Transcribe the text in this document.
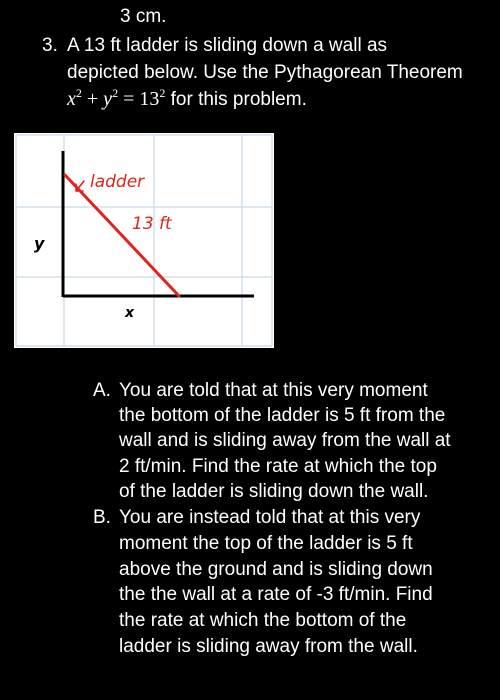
3 cm.
3. A 13 ft ladder is sliding down a wall as
depicted below. Use the Pythagorean Theorem
$x^2 + y^2 = 13^2$ for this problem.
ladder
13 ft
y
x
A. You are told that at this very moment
the bottom of the ladder is 5 ft from the
wall and is sliding away from the wall at
2 ft/min. Find the rate at which the top
of the ladder is sliding down the wall.
B. You are instead told that at this very
moment the top of the ladder is 5 ft
above the ground and is sliding down
the the wall at a rate of -3 ft/min. Find
the rate at which the bottom of the
ladder is sliding away from the wall.
